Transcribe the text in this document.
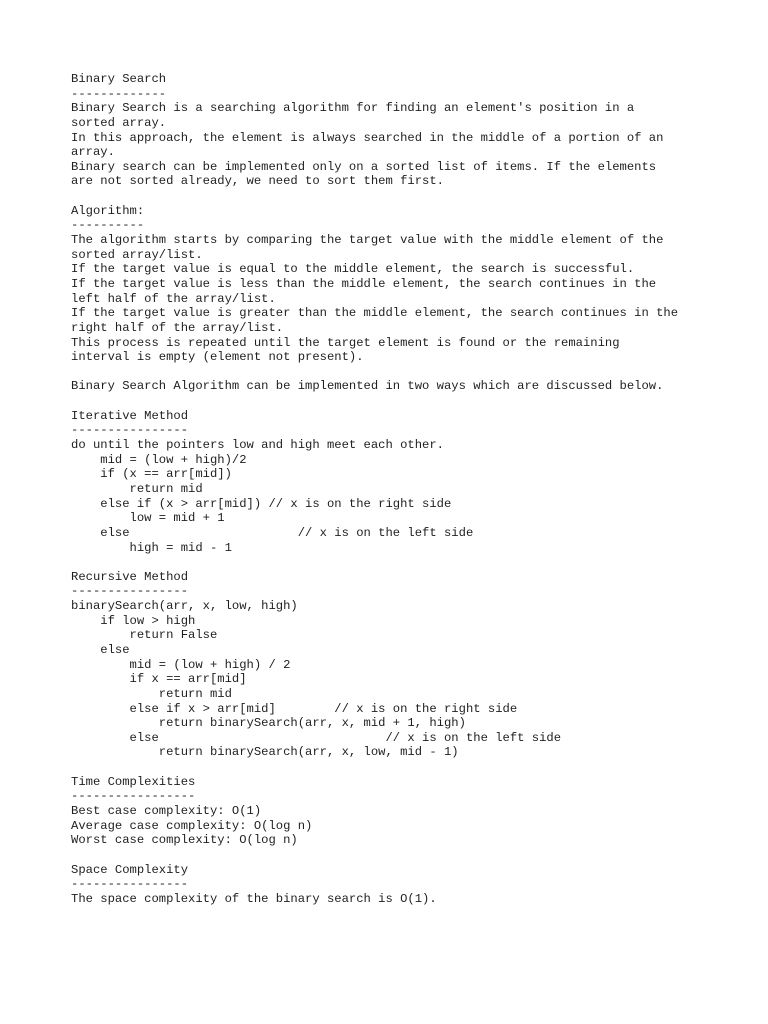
Binary Search
-------------
Binary Search is a searching algorithm for finding an element's position in a
sorted array.
In this approach, the element is always searched in the middle of a portion of an
array.
Binary search can be implemented only on a sorted list of items. If the elements
are not sorted already, we need to sort them first.
Algorithm:
----------
The algorithm starts by comparing the target value with the middle element of the
sorted array/list.
If the target value is equal to the middle element, the search is successful.
If the target value is less than the middle element, the search continues in the
left half of the array/list.
If the target value is greater than the middle element, the search continues in the
right half of the array/list.
This process is repeated until the target element is found or the remaining
interval is empty (element not present).
Binary Search Algorithm can be implemented in two ways which are discussed below.
Iterative Method
----------------
do until the pointers low and high meet each other.
mid = (low + high)/2
if (x == arr[mid])
return mid
else if (x > arr[mid]) // x is on the right side
low = mid + 1
else                       // x is on the left side
high = mid - 1
Recursive Method
----------------
binarySearch(arr, x, low, high)
if low > high
return False
else
mid = (low + high) / 2
if x == arr[mid]
return mid
else if x > arr[mid]        // x is on the right side
return binarySearch(arr, x, mid + 1, high)
else                               // x is on the left side
return binarySearch(arr, x, low, mid - 1)
Time Complexities
-----------------
Best case complexity: O(1)
Average case complexity: O(log n)
Worst case complexity: O(log n)
Space Complexity
----------------
The space complexity of the binary search is O(1).
